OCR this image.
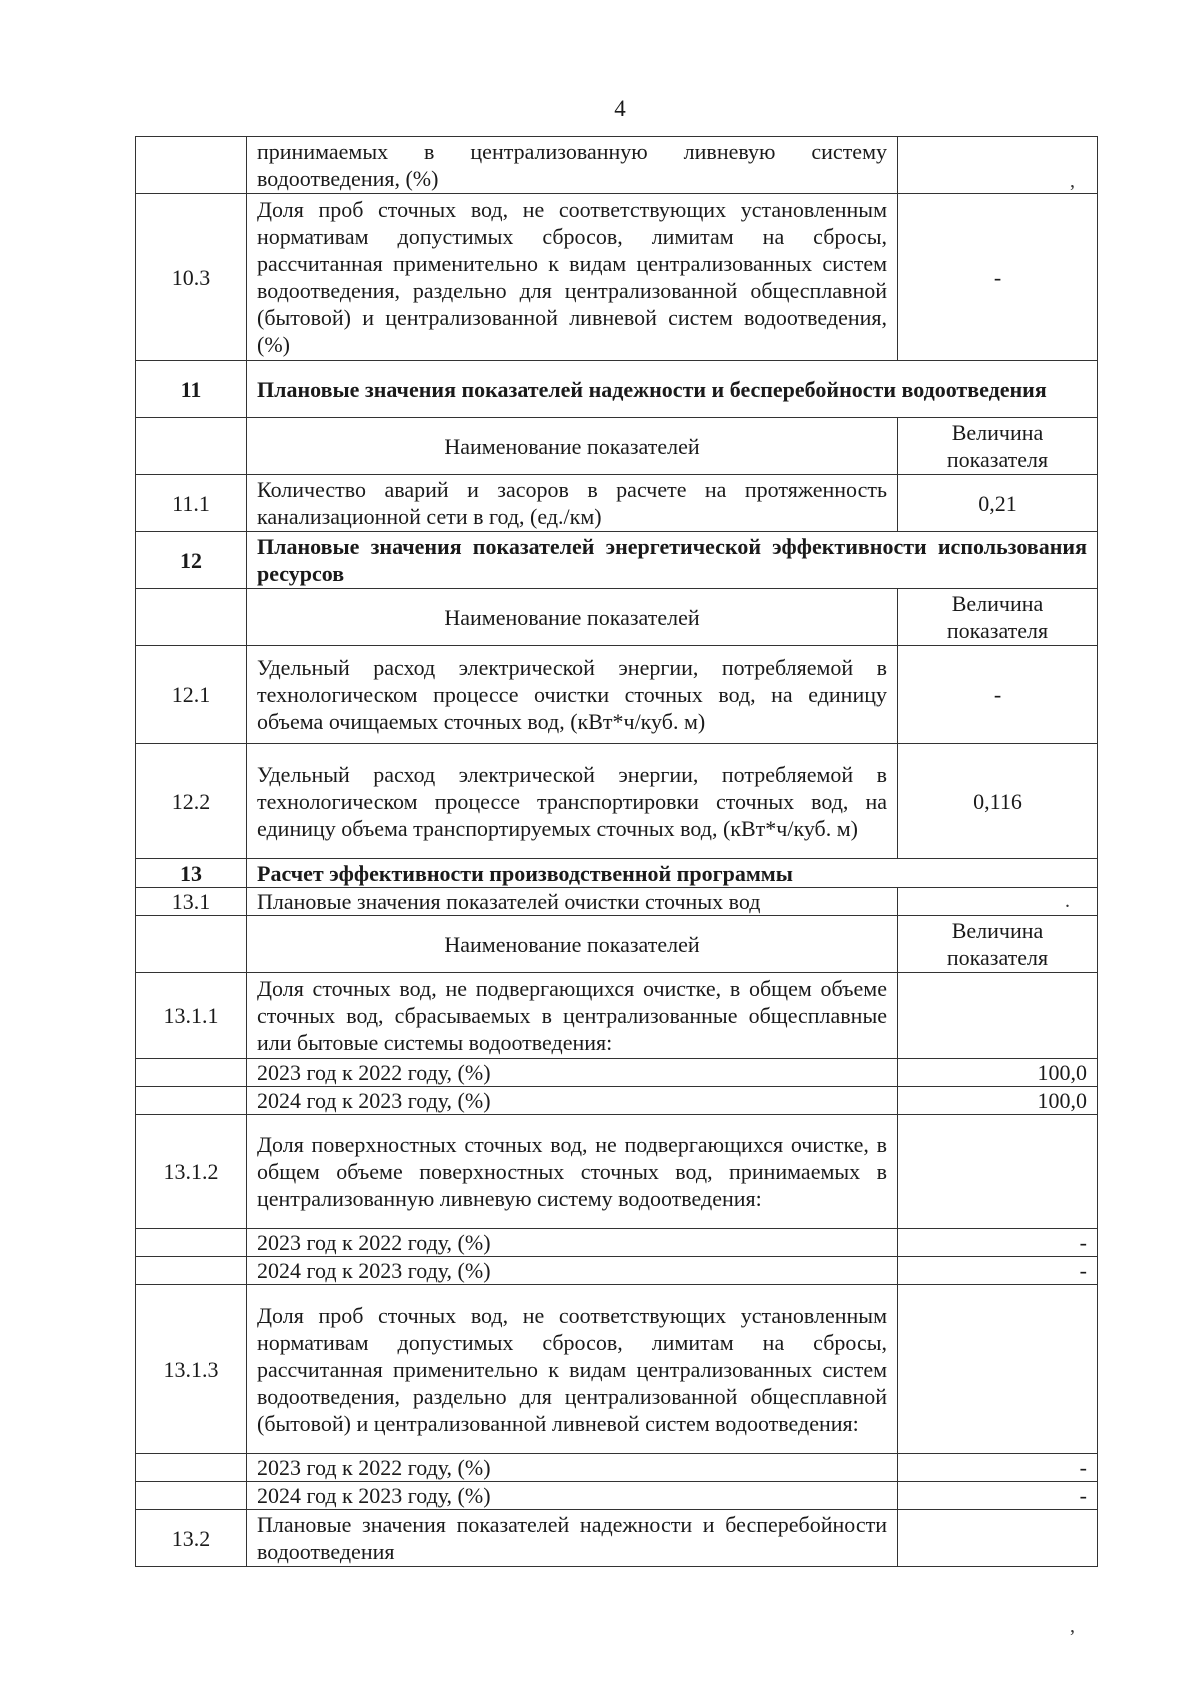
4
	принимаемых в централизованную ливневую систему водоотведения, (%)	
10.3	Доля проб сточных вод, не соответствующих установленным нормативам допустимых сбросов, лимитам на сбросы, рассчитанная применительно к видам централизованных систем водоотведения, раздельно для централизованной общесплавной (бытовой) и централизованной ливневой систем водоотведения, (%)	-
11	Плановые значения показателей надежности и бесперебойности водоотведения	
	Наименование показателей	Величина показателя
11.1	Количество аварий и засоров в расчете на протяженность канализационной сети в год, (ед./км)	0,21
12	Плановые значения показателей энергетической эффективности использования ресурсов	
	Наименование показателей	Величина показателя
12.1	Удельный расход электрической энергии, потребляемой в технологическом процессе очистки сточных вод, на единицу объема очищаемых сточных вод, (кВт*ч/куб. м)	-
12.2	Удельный расход электрической энергии, потребляемой в технологическом процессе транспортировки сточных вод, на единицу объема транспортируемых сточных вод, (кВт*ч/куб. м)	0,116
13	Расчет эффективности производственной программы	
13.1	Плановые значения показателей очистки сточных вод	
	Наименование показателей	Величина показателя
13.1.1	Доля сточных вод, не подвергающихся очистке, в общем объеме сточных вод, сбрасываемых в централизованные общесплавные или бытовые системы водоотведения:	
	2023 год к 2022 году, (%)	100,0
	2024 год к 2023 году, (%)	100,0
13.1.2	Доля поверхностных сточных вод, не подвергающихся очистке, в общем объеме поверхностных сточных вод, принимаемых в централизованную ливневую систему водоотведения:	
	2023 год к 2022 году, (%)	-
	2024 год к 2023 году, (%)	-
13.1.3	Доля проб сточных вод, не соответствующих установленным нормативам допустимых сбросов, лимитам на сбросы, рассчитанная применительно к видам централизованных систем водоотведения, раздельно для централизованной общесплавной (бытовой) и централизованной ливневой систем водоотведения:	
	2023 год к 2022 году, (%)	-
	2024 год к 2023 году, (%)	-
13.2	Плановые значения показателей надежности и бесперебойности водоотведения	
,
.
,
